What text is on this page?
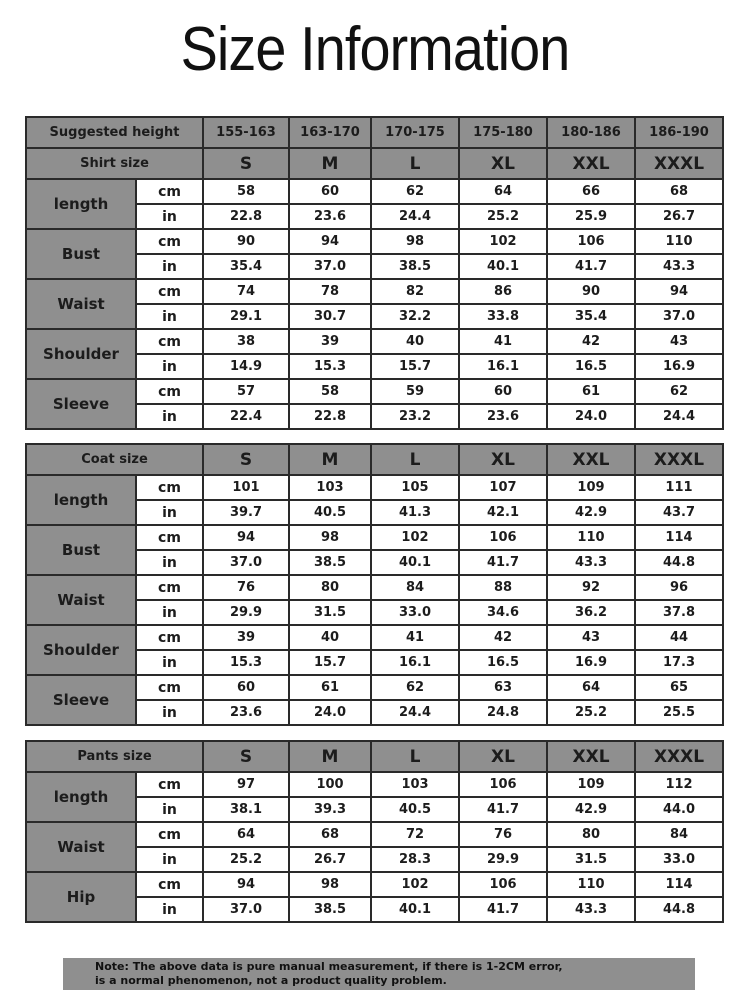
Size Information
Suggested height		155-163	163-170	170-175	175-180	180-186	186-190
Shirt size		S	M	L	XL	XXL	XXXL
length	cm	58	60	62	64	66	68
	in	22.8	23.6	24.4	25.2	25.9	26.7
Bust	cm	90	94	98	102	106	110
	in	35.4	37.0	38.5	40.1	41.7	43.3
Waist	cm	74	78	82	86	90	94
	in	29.1	30.7	32.2	33.8	35.4	37.0
Shoulder	cm	38	39	40	41	42	43
	in	14.9	15.3	15.7	16.1	16.5	16.9
Sleeve	cm	57	58	59	60	61	62
	in	22.4	22.8	23.2	23.6	24.0	24.4
Coat size		S	M	L	XL	XXL	XXXL
length	cm	101	103	105	107	109	111
	in	39.7	40.5	41.3	42.1	42.9	43.7
Bust	cm	94	98	102	106	110	114
	in	37.0	38.5	40.1	41.7	43.3	44.8
Waist	cm	76	80	84	88	92	96
	in	29.9	31.5	33.0	34.6	36.2	37.8
Shoulder	cm	39	40	41	42	43	44
	in	15.3	15.7	16.1	16.5	16.9	17.3
Sleeve	cm	60	61	62	63	64	65
	in	23.6	24.0	24.4	24.8	25.2	25.5
Pants size		S	M	L	XL	XXL	XXXL
length	cm	97	100	103	106	109	112
	in	38.1	39.3	40.5	41.7	42.9	44.0
Waist	cm	64	68	72	76	80	84
	in	25.2	26.7	28.3	29.9	31.5	33.0
Hip	cm	94	98	102	106	110	114
	in	37.0	38.5	40.1	41.7	43.3	44.8
Note: The above data is pure manual measurement, if there is 1-2CM error,
is a normal phenomenon, not a product quality problem.
